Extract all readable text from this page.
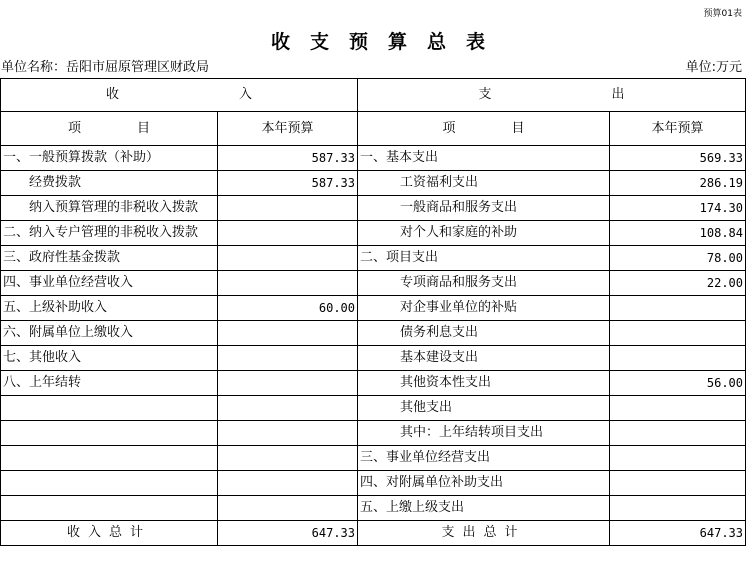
预算01表
收支预算总表
单位名称：岳阳市屈原管理区财政局	单位:万元
收 入		支 出	
项 目	本年预算	项 目	本年预算
一、一般预算拨款（补助）	587.33	一、基本支出	569.33
经费拨款	587.33	工资福利支出	286.19
纳入预算管理的非税收入拨款		一般商品和服务支出	174.30
二、纳入专户管理的非税收入拨款		对个人和家庭的补助	108.84
三、政府性基金拨款		二、项目支出	78.00
四、事业单位经营收入		专项商品和服务支出	22.00
五、上级补助收入	60.00	对企事业单位的补贴	
六、附属单位上缴收入		债务利息支出	
七、其他收入		基本建设支出	
八、上年结转		其他资本性支出	56.00
		其他支出	
		其中：上年结转项目支出	
		三、事业单位经营支出	
		四、对附属单位补助支出	
		五、上缴上级支出	
收入总计	647.33	支出总计	647.33
